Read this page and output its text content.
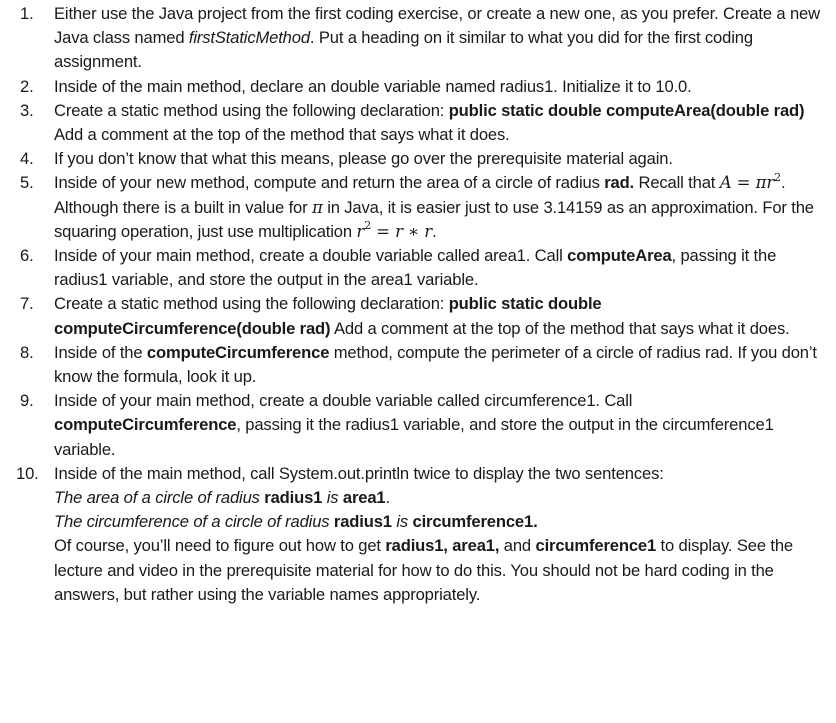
1.	Either use the Java project from the first coding exercise, or create a new one, as you prefer. Create a new Java class named firstStaticMethod. Put a heading on it similar to what you did for the first coding assignment.
2.	Inside of the main method, declare an double variable named radius1. Initialize it to 10.0.
3.	Create a static method using the following declaration: public static double computeArea(double rad) Add a comment at the top of the method that says what it does.
4.	If you don’t know that what this means, please go over the prerequisite material again.
5.	Inside of your new method, compute and return the area of a circle of radius rad. Recall that $A = \pi r^2$. Although there is a built in value for π in Java, it is easier just to use 3.14159 as an approximation. For the squaring operation, just use multiplication $r^2 = r$ ∗ r.
6.	Inside of your main method, create a double variable called area1. Call computeArea, passing it the radius1 variable, and store the output in the area1 variable.
7.	Create a static method using the following declaration: public static double computeCircumference(double rad) Add a comment at the top of the method that says what it does.
8.	Inside of the computeCircumference method, compute the perimeter of a circle of radius rad. If you don’t know the formula, look it up.
9.	Inside of your main method, create a double variable called circumference1. Call computeCircumference, passing it the radius1 variable, and store the output in the circumference1 variable.
10. Inside of the main method, call System.out.println twice to display the two sentences:
The area of a circle of radius radius1 is area1.
The circumference of a circle of radius radius1 is circumference1.
Of course, you’ll need to figure out how to get radius1, area1, and circumference1 to display. See the lecture and video in the prerequisite material for how to do this. You should not be hard coding in the answers, but rather using the variable names appropriately.
